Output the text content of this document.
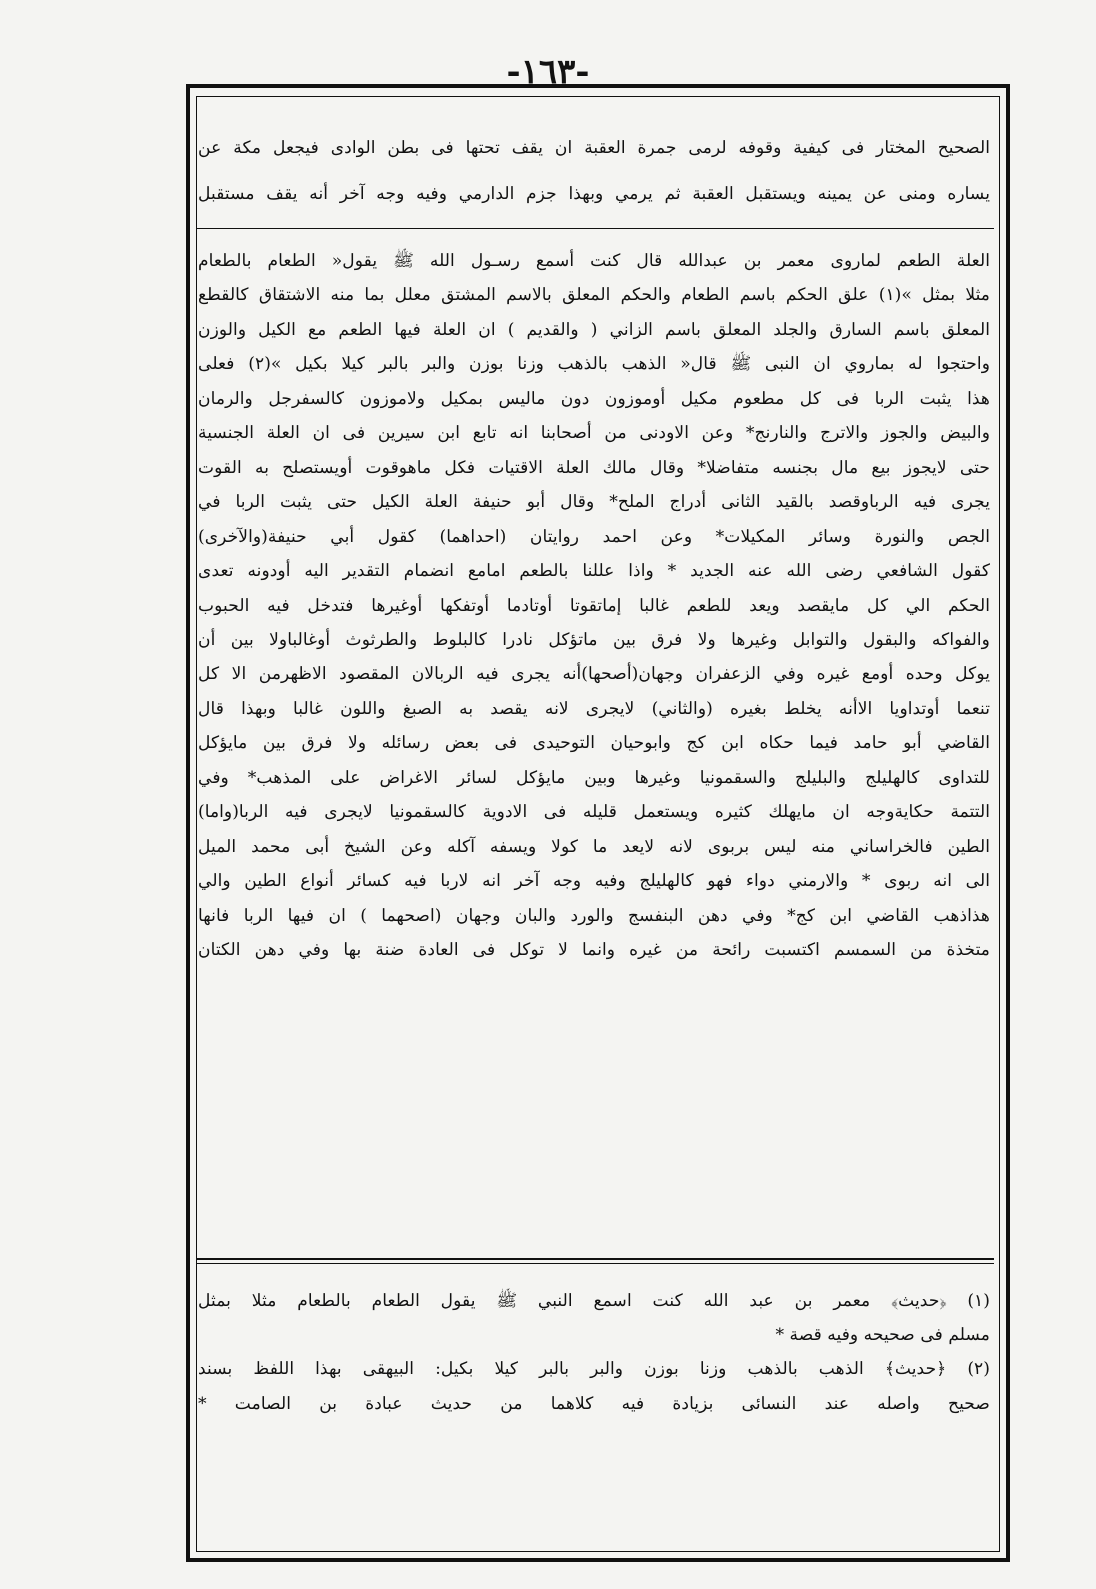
-١٦٣-
الصحيح المختار فى كيفية وقوفه لرمى جمرة العقبة ان يقف تحتها فى بطن الوادى فيجعل مكة عن
يساره ومنى عن يمينه ويستقبل العقبة ثم يرمي وبهذا جزم الدارمي وفيه وجه آخر أنه يقف مستقبل
العلة الطعم لماروى معمر بن عبدالله قال كنت أسمع رسـول الله ﷺ يقول« الطعام بالطعام
مثلا بمثل »(١) علق الحكم باسم الطعام والحكم المعلق بالاسم المشتق معلل بما منه الاشتقاق كالقطع
المعلق باسم السارق والجلد المعلق باسم الزاني ( والقديم ) ان العلة فيها الطعم مع الكيل والوزن
واحتجوا له بماروي ان النبى ﷺ قال« الذهب بالذهب وزنا بوزن والبر بالبر كيلا بكيل »(٢) فعلى
هذا يثبت الربا فى كل مطعوم مكيل أوموزون دون ماليس بمكيل ولاموزون كالسفرجل والرمان
والبيض والجوز والاترج والنارنج* وعن الاودنى من أصحابنا انه تابع ابن سيرين فى ان العلة الجنسية
حتى لايجوز بيع مال بجنسه متفاضلا* وقال مالك العلة الاقتيات فكل ماهوقوت أويستصلح به القوت
يجرى فيه الرباوقصد بالقيد الثانى أدراج الملح* وقال أبو حنيفة العلة الكيل حتى يثبت الربا في
الجص والنورة وسائر المكيلات* وعن احمد روايتان (احداهما) كقول أبي حنيفة(والآخرى)
كقول الشافعي رضى الله عنه الجديد * واذا عللنا بالطعم امامع انضمام التقدير اليه أودونه تعدى
الحكم الي كل مايقصد ويعد للطعم غالبا إماتقوتا أوتادما أوتفكها أوغيرها فتدخل فيه الحبوب
والفواكه والبقول والتوابل وغيرها ولا فرق بين ماتؤكل نادرا كالبلوط والطرثوث أوغالباولا بين أن
يوكل وحده أومع غيره وفي الزعفران وجهان(أصحها)أنه يجرى فيه الربالان المقصود الاظهرمن الا كل
تنعما أوتداويا الاأنه يخلط بغيره (والثاني) لايجرى لانه يقصد به الصبغ واللون غالبا وبهذا قال
القاضي أبو حامد فيما حكاه ابن كج وابوحيان التوحيدى فى بعض رسائله ولا فرق بين مايؤكل
للتداوى كالهليلج والبليلج والسقمونيا وغيرها وبين مايؤكل لسائر الاغراض على المذهب* وفي
التتمة حكايةوجه ان مايهلك كثيره ويستعمل قليله فى الادوية كالسقمونيا لايجرى فيه الربا(واما)
الطين فالخراساني منه ليس بربوى لانه لايعد ما كولا ويسفه آكله وعن الشيخ أبى محمد الميل
الى انه ربوى * والارمني دواء فهو كالهليلج وفيه وجه آخر انه لاربا فيه كسائر أنواع الطين والي
هذاذهب القاضي ابن كج* وفي دهن البنفسج والورد والبان وجهان (اصحهما ) ان فيها الربا فانها
متخذة من السمسم اكتسبت رائحة من غيره وانما لا توكل فى العادة ضنة بها وفي دهن الكتان
(١) ﴿حديث﴾ معمر بن عبد الله كنت اسمع النبي ﷺ يقول الطعام بالطعام مثلا بمثل
مسلم فى صحيحه وفيه قصة *
(٢) ﴿حديث﴾ الذهب بالذهب وزنا بوزن والبر بالبر كيلا بكيل: البيهقى بهذا اللفظ بسند
صحيح واصله عند النسائى بزيادة فيه كلاهما من حديث عبادة بن الصامت *
